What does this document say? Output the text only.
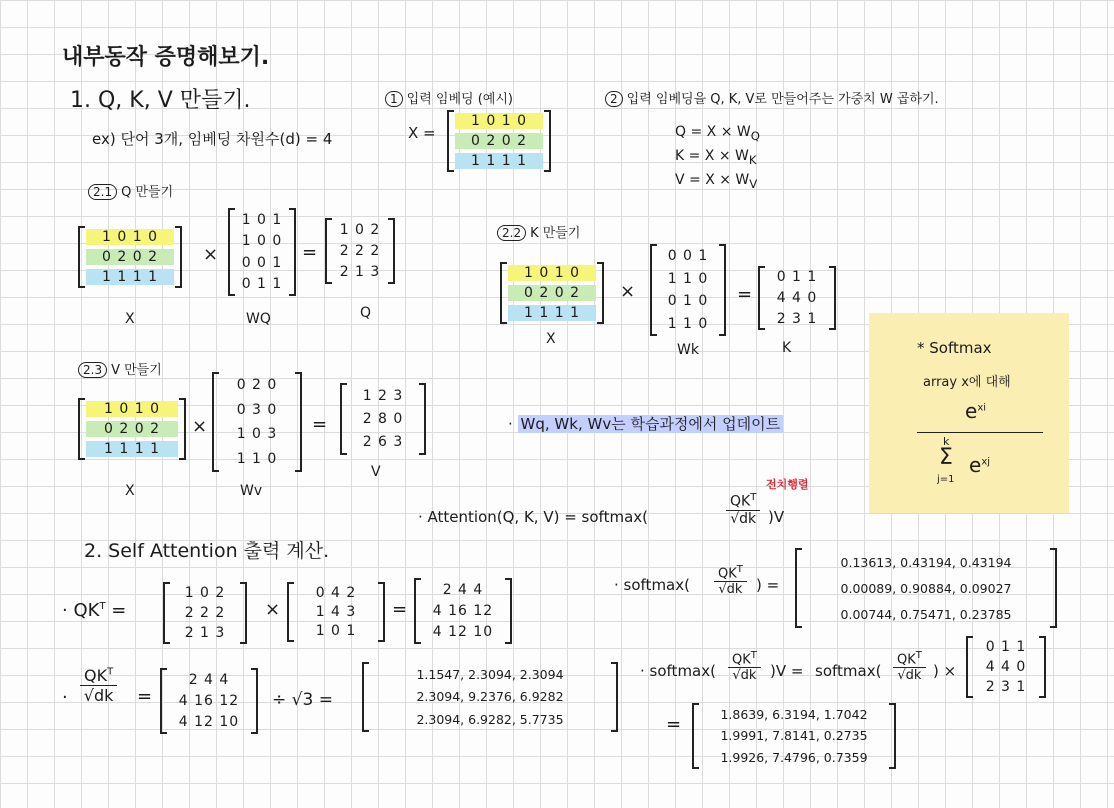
내부동작 증명해보기.
1. Q, K, V 만들기.
ex) 단어 3개, 임베딩 차원수(d) = 4
1 입력 임베딩 (예시)
X =
1 0 1 0
0 2 0 2
1 1 1 1
2 입력 임베딩을 Q, K, V로 만들어주는 가중치 W 곱하기.
$Q = X \times W_Q$
$K = X \times W_K$
$V = X \times W_V$
2.1 Q 만들기
1 0 1 0
0 2 0 2
1 1 1 1
×
1 0 1
1 0 0
0 0 1
0 1 1
=
1 0 2
2 2 2
2 1 3
X	WQ	Q
2.2 K 만들기
1 0 1 0
0 2 0 2
1 1 1 1
×
0 0 1
1 1 0
0 1 0
1 1 0
=
0 1 1
4 4 0
2 3 1
X
Wk	K
2.3 V 만들기
1 0 1 0
0 2 0 2
1 1 1 1
×
0 2 0
0 3 0
1 0 3
1 1 0
=
1 2 3
2 8 0
2 6 3
X	Wv
V
· Wq, Wk, Wv는 학습과정에서 업데이트
* Softmax
array x에 대해
$e^{xi}$
k
Σ
j=1
$e^{xj}$
· Attention(Q, K, V) = softmax(
$QK^T$
√dk )V
전치행렬
2. Self Attention 출력 계산.
· $QK^T$ =
1 0 2
2 2 2
2 1 3
×
0 4 2
1 4 3
1 0 1
=
2 4 4
4 16 12
4 12 10
·
$QK^T$
√dk =
2 4 4
4 16 12
4 12 10
÷ √3 =
1.1547, 2.3094, 2.3094
2.3094, 9.2376, 6.9282
2.3094, 6.9282, 5.7735
· softmax(
$QK^T$
√dk ) =
0.13613, 0.43194, 0.43194
0.00089, 0.90884, 0.09027
0.00744, 0.75471, 0.23785
· softmax(
$QK^T$
√dk )V = softmax(
$QK^T$
√dk ) ×
0 1 1
4 4 0
2 3 1
=	1.8639, 6.3194, 1.7042
1.9991, 7.8141, 0.2735
1.9926, 7.4796, 0.7359
